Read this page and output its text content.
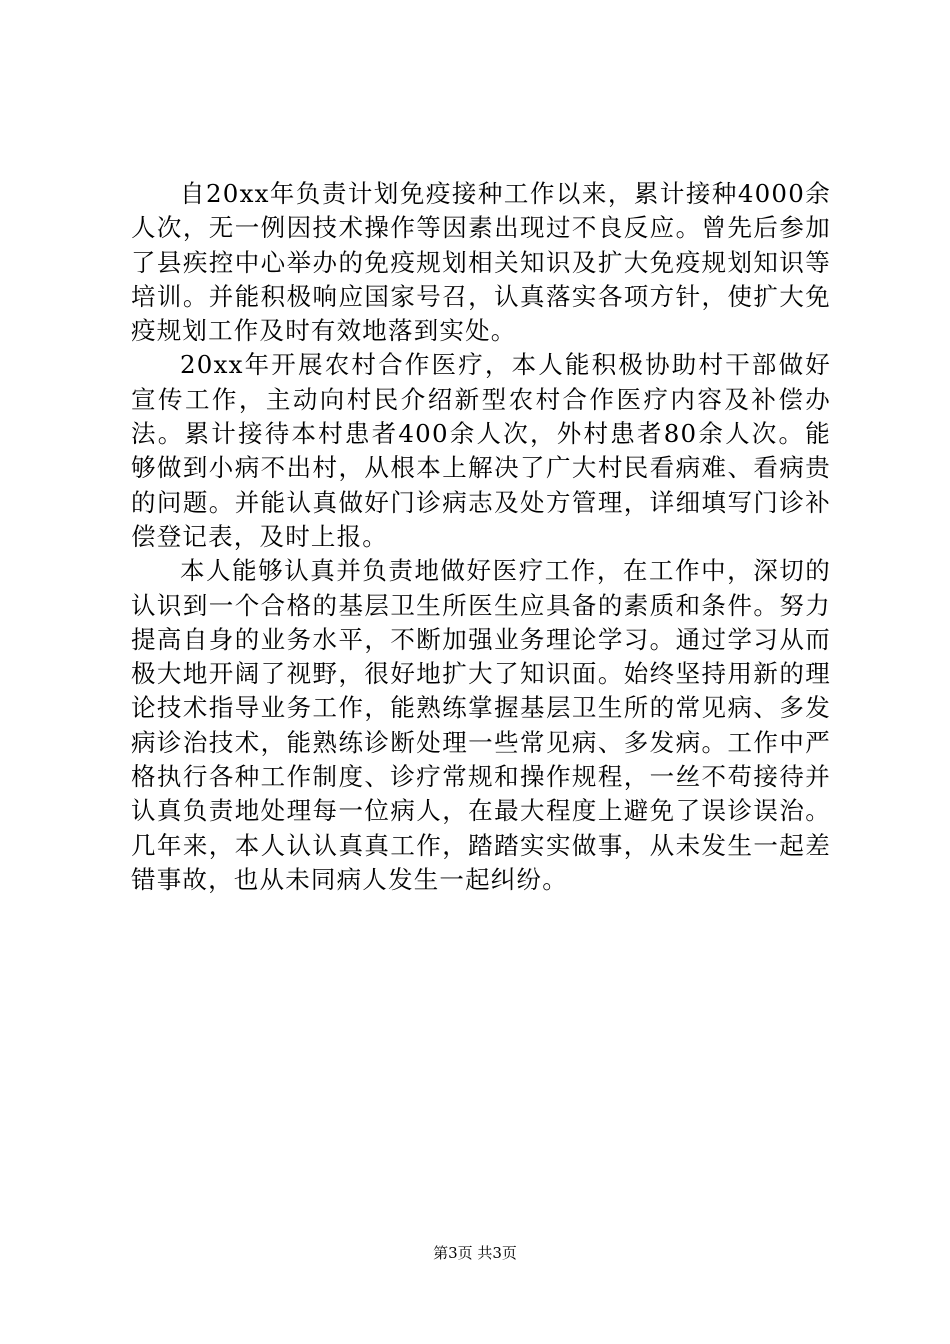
自20xx年负责计划免疫接种工作以来，累计接种4000余人次，无一例因技术操作等因素出现过不良反应。曾先后参加了县疾控中心举办的免疫规划相关知识及扩大免疫规划知识等培训。并能积极响应国家号召，认真落实各项方针，使扩大免疫规划工作及时有效地落到实处。

20xx年开展农村合作医疗，本人能积极协助村干部做好宣传工作，主动向村民介绍新型农村合作医疗内容及补偿办法。累计接待本村患者400余人次，外村患者80余人次。能够做到小病不出村，从根本上解决了广大村民看病难、看病贵的问题。并能认真做好门诊病志及处方管理，详细填写门诊补偿登记表，及时上报。

本人能够认真并负责地做好医疗工作，在工作中，深切的认识到一个合格的基层卫生所医生应具备的素质和条件。努力提高自身的业务水平，不断加强业务理论学习。通过学习从而极大地开阔了视野，很好地扩大了知识面。始终坚持用新的理论技术指导业务工作，能熟练掌握基层卫生所的常见病、多发病诊治技术，能熟练诊断处理一些常见病、多发病。工作中严格执行各种工作制度、诊疗常规和操作规程，一丝不苟接待并认真负责地处理每一位病人，在最大程度上避免了误诊误治。几年来，本人认认真真工作，踏踏实实做事，从未发生一起差错事故，也从未同病人发生一起纠纷。

第3页 共3页
